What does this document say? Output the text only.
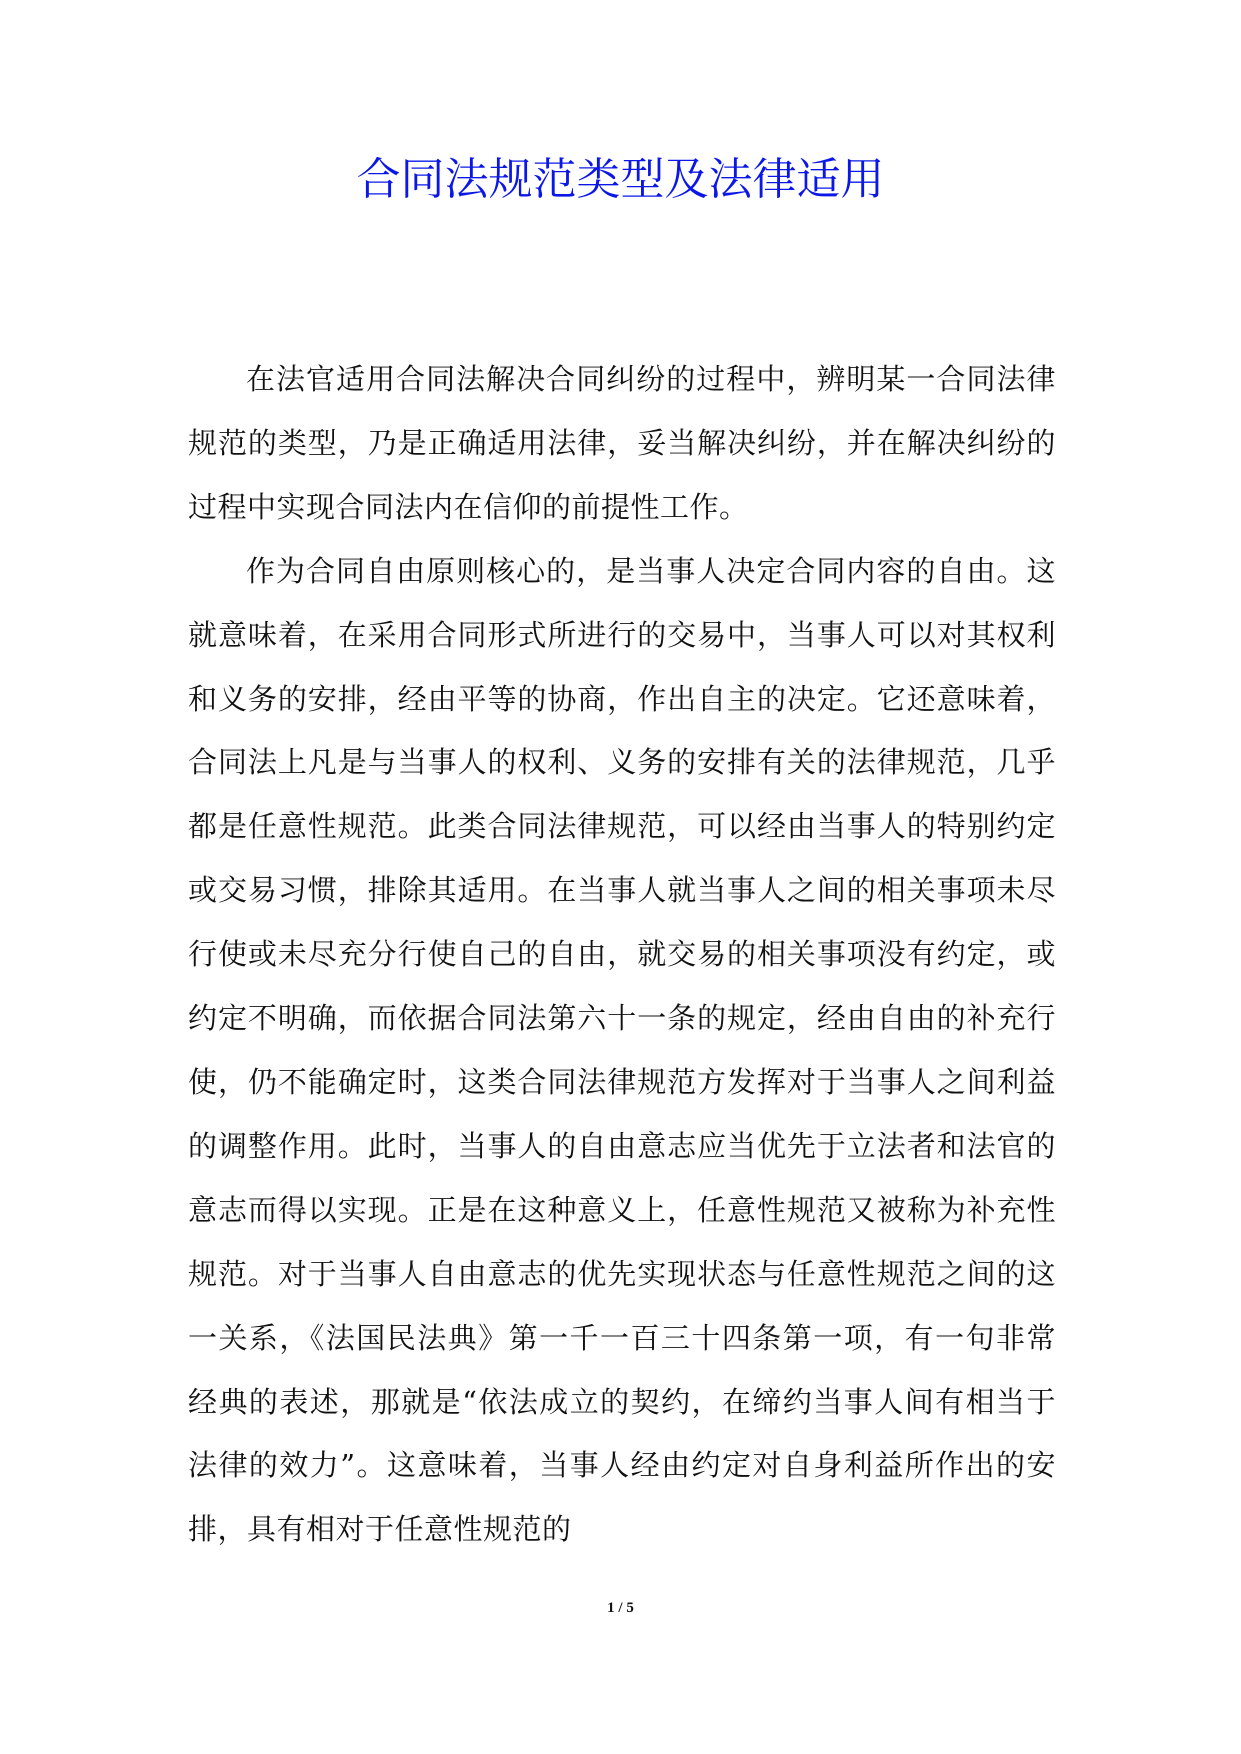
合同法规范类型及法律适用

在法官适用合同法解决合同纠纷的过程中，辨明某一合同法律规范的类型，乃是正确适用法律，妥当解决纠纷，并在解决纠纷的过程中实现合同法内在信仰的前提性工作。

作为合同自由原则核心的，是当事人决定合同内容的自由。这就意味着，在采用合同形式所进行的交易中，当事人可以对其权利和义务的安排，经由平等的协商，作出自主的决定。它还意味着，合同法上凡是与当事人的权利、义务的安排有关的法律规范，几乎都是任意性规范。此类合同法律规范，可以经由当事人的特别约定或交易习惯，排除其适用。在当事人就当事人之间的相关事项未尽行使或未尽充分行使自己的自由，就交易的相关事项没有约定，或约定不明确，而依据合同法第六十一条的规定，经由自由的补充行使，仍不能确定时，这类合同法律规范方发挥对于当事人之间利益的调整作用。此时，当事人的自由意志应当优先于立法者和法官的意志而得以实现。正是在这种意义上，任意性规范又被称为补充性规范。对于当事人自由意志的优先实现状态与任意性规范之间的这一关系，《法国民法典》第一千一百三十四条第一项，有一句非常经典的表述，那就是“依法成立的契约，在缔约当事人间有相当于法律的效力”。这意味着，当事人经由约定对自身利益所作出的安排，具有相对于任意性规范的

1 / 5
